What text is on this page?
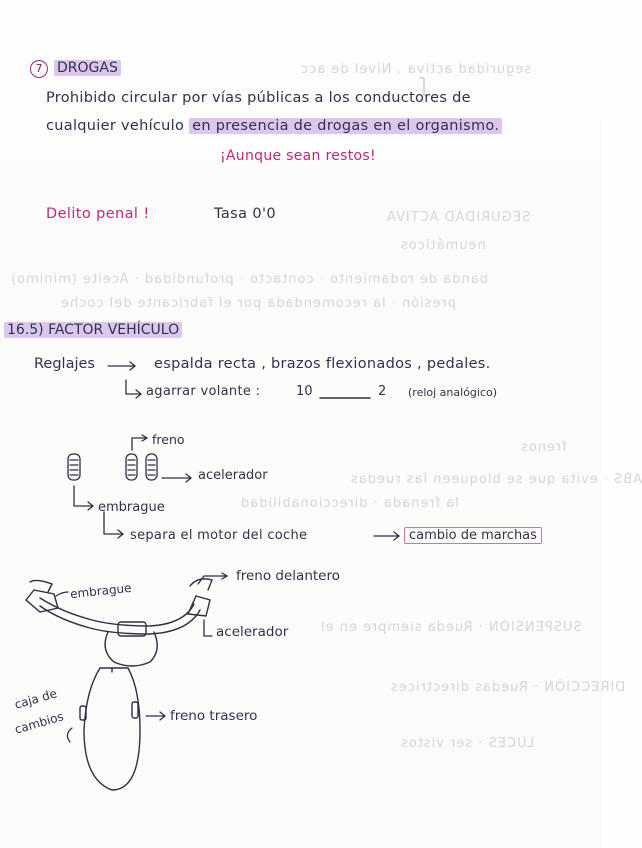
seguridad activa . Nivel de acc
SEGURIDAD ACTIVA
neumáticos
banda de rodamiento · contacto · profundidad · Aceite (mínimo)
presión · la recomendada por el fabricante del coche
frenos
ABS · evita que se bloqueen las ruedas
la frenada · direccionabilidad
SUSPENSIÓN · Rueda siempre en el
DIRECCIÓN · Ruedas directrices
LUCES · ser vistos
7 DROGAS
Prohibido circular por vías públicas a los conductores de
cualquier vehículo en presencia de drogas en el organismo.
¡Aunque sean restos!
Delito penal !	Tasa 0'0
16.5) FACTOR VEHÍCULO
Reglajes	espalda recta , brazos flexionados , pedales.
agarrar volante :	10	2 (reloj analógico)
freno
acelerador
embrague
separa el motor del coche	cambio de marchas
embrague
freno delantero
acelerador
caja de
cambios	freno trasero
